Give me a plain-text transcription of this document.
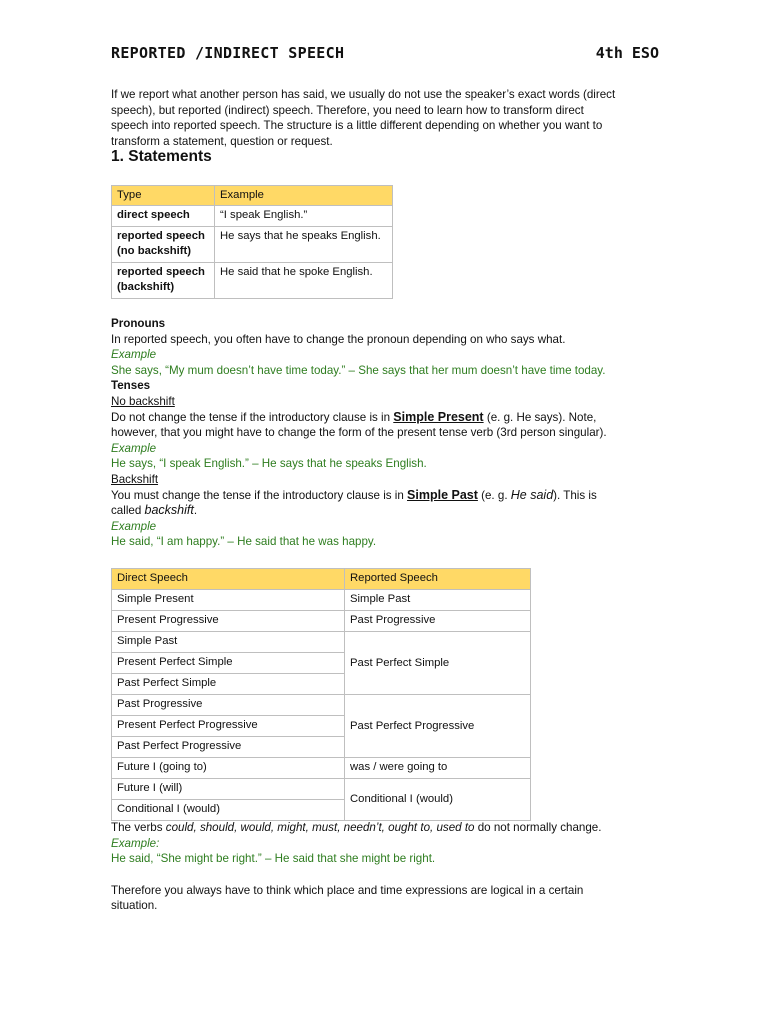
REPORTED /INDIRECT SPEECH	4th ESO
If we report what another person has said, we usually do not use the speaker’s exact words (direct
speech), but reported (indirect) speech. Therefore, you need to learn how to transform direct
speech into reported speech. The structure is a little different depending on whether you want to
transform a statement, question or request.
1. Statements
Type	Example
direct speech	“I speak English.”

reported speech
(no backshift)	He says that he speaks English.

reported speech
(backshift)	He said that he spoke English.
Pronouns
In reported speech, you often have to change the pronoun depending on who says what.
Example
She says, “My mum doesn’t have time today.” – She says that her mum doesn’t have time today.
Tenses
No backshift
Do not change the tense if the introductory clause is in Simple Present (e. g. He says). Note,
however, that you might have to change the form of the present tense verb (3rd person singular).
Example
He says, “I speak English.” – He says that he speaks English.
Backshift
You must change the tense if the introductory clause is in Simple Past (e. g. He said). This is
called backshift.
Example
He said, “I am happy.” – He said that he was happy.
Direct Speech	Reported Speech
Simple Present	Simple Past
Present Progressive	Past Progressive
Simple Past	Past Perfect Simple
Present Perfect Simple	
Past Perfect Simple	
Past Progressive	Past Perfect Progressive
Present Perfect Progressive	
Past Perfect Progressive	
Future I (going to)	was / were going to
Future I (will)	Conditional I (would)
Conditional I (would)	
The verbs could, should, would, might, must, needn’t, ought to, used to do not normally change.
Example:
He said, “She might be right.” – He said that she might be right.
Therefore you always have to think which place and time expressions are logical in a certain
situation.
